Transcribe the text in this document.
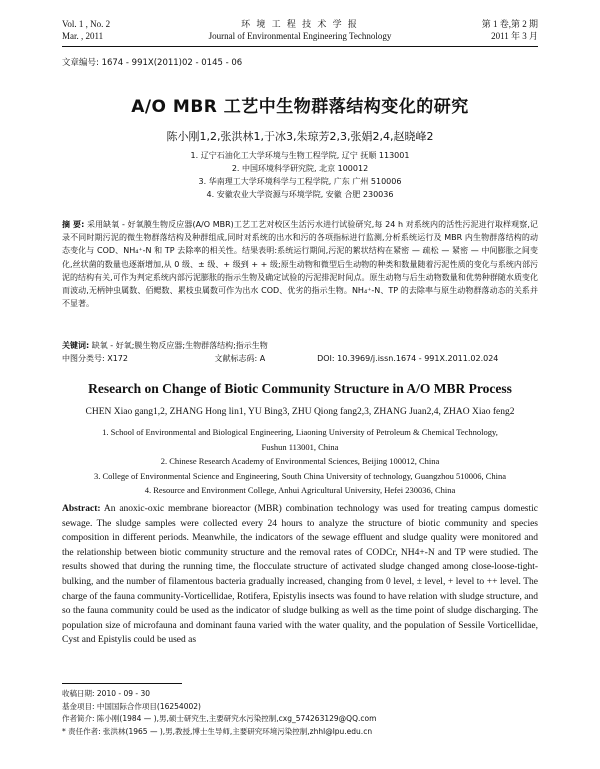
Vol. 1 , No. 2
Mar. , 2011
环 境 工 程 技 术 学 报
Journal of Environmental Engineering Technology
第 1 卷,第 2 期
2011 年 3 月
文章编号: 1674 - 991X(2011)02 - 0145 - 06
A/O MBR 工艺中生物群落结构变化的研究
陈小刚1,2,张洪林1,于冰3,朱琼芳2,3,张娟2,4,赵晓峰2
1. 辽宁石油化工大学环境与生物工程学院, 辽宁 抚顺 113001
2. 中国环境科学研究院, 北京 100012
3. 华南理工大学环境科学与工程学院, 广东 广州 510006
4. 安徽农业大学资源与环境学院, 安徽 合肥 230036
摘 要: 采用缺氧 - 好氧膜生物反应器(A/O MBR)工艺工艺对校区生活污水进行试验研究,每 24 h 对系统内的活性污泥进行取样观察,记录不同时期污泥的微生物群落结构及种群组成,同时对系统的出水和污的各项指标进行监测,分析系统运行及 MBR 内生物群落结构的动态变化与 COD、NH₄⁺-N 和 TP 去除率的相关性。结果表明:系统运行期间,污泥的絮状结构在紧密 — 疏松 — 紧密 — 中间膨胀之间变化,丝状菌的数量也逐渐增加,从 0 级、± 级、+ 级到 + + 级;原生动物和微型后生动物的种类和数量随着污泥性质的变化与系统内部污泥的结构有关,可作为判定系统内部污泥膨胀的指示生物及确定试验的污泥排泥时间点。原生动物与后生动物数量和优势种群随水质变化而波动,无柄钟虫属数、佰鳃数、累枝虫属数可作为出水 COD、优劣的指示生物。NH₄⁺-N、TP 的去除率与原生动物群落动态的关系并不显著。
关键词: 缺氧 - 好氧;膜生物反应器;生物群落结构;指示生物
中图分类号: X172	文献标志码: A	DOI: 10.3969/j.issn.1674 - 991X.2011.02.024
Research on Change of Biotic Community Structure in A/O MBR Process
CHEN Xiao gang1,2, ZHANG Hong lin1, YU Bing3, ZHU Qiong fang2,3, ZHANG Juan2,4, ZHAO Xiao feng2
1. School of Environmental and Biological Engineering, Liaoning University of Petroleum & Chemical Technology,
Fushun 113001, China
2. Chinese Research Academy of Environmental Sciences, Beijing 100012, China
3. College of Environmental Science and Engineering, South China University of technology, Guangzhou 510006, China
4. Resource and Environment College, Anhui Agricultural University, Hefei 230036, China
Abstract: An anoxic-oxic membrane bioreactor (MBR) combination technology was used for treating campus domestic sewage. The sludge samples were collected every 24 hours to analyze the structure of biotic community and species composition in different periods. Meanwhile, the indicators of the sewage effluent and sludge quality were monitored and the relationship between biotic community structure and the removal rates of CODCr, NH4+-N and TP were studied. The results showed that during the running time, the flocculate structure of activated sludge changed among close-loose-tight-bulking, and the number of filamentous bacteria gradually increased, changing from 0 level, ± level, + level to ++ level. The charge of the fauna community-Vorticellidae, Rotifera, Epistylis insects was found to have relation with sludge structure, and so the fauna community could be used as the indicator of sludge bulking as well as the time point of sludge discharging. The population size of microfauna and dominant fauna varied with the water quality, and the population of Sessile Vorticellidae, Cyst and Epistylis could be used as
收稿日期: 2010 - 09 - 30
基金项目: 中国国际合作项目(16254002)
作者简介: 陈小刚(1984 — ),男,硕士研究生,主要研究水污染控制,cxg_574263129@QQ.com
* 责任作者: 张洪林(1965 — ),男,教授,博士生导师,主要研究环境污染控制,zhhl@lpu.edu.cn
